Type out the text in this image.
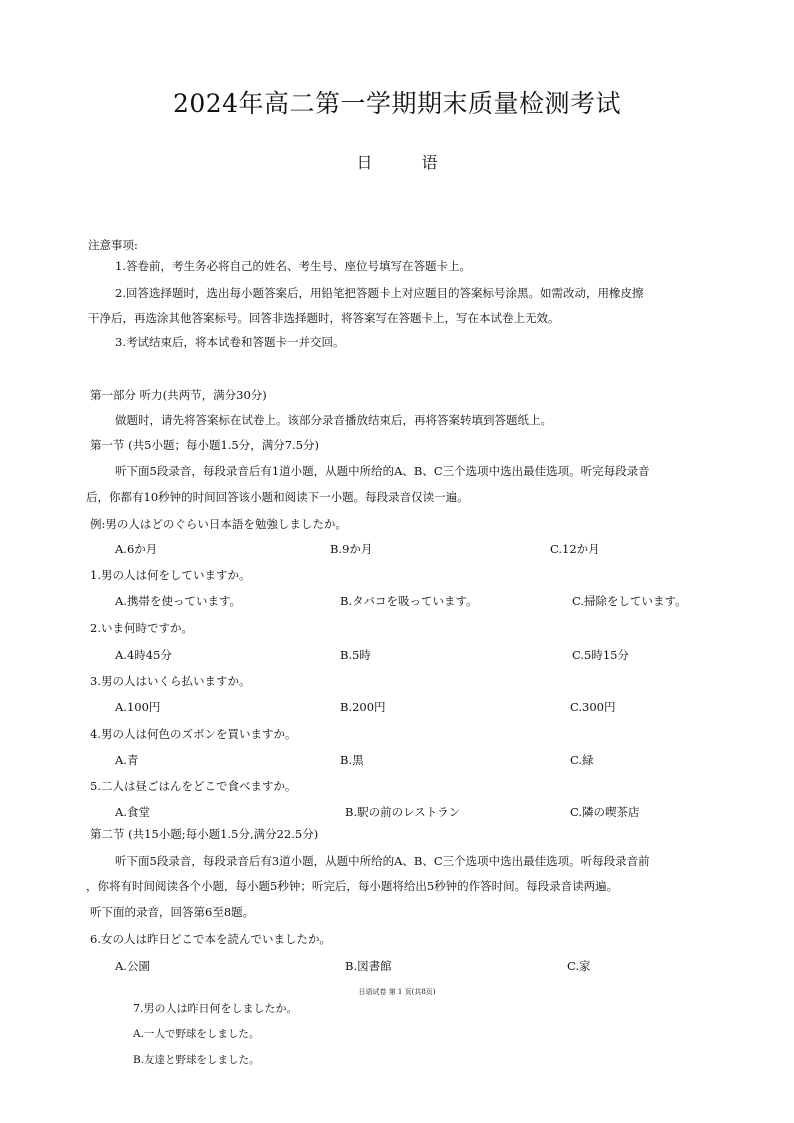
2024年高二第一学期期末质量检测考试
日 语
注意事项:
1.答卷前，考生务必将自己的姓名、考生号、座位号填写在答题卡上。
2.回答选择题时，选出每小题答案后，用铅笔把答题卡上对应题目的答案标号涂黑。如需改动，用橡皮擦
干净后，再选涂其他答案标号。回答非选择题时，将答案写在答题卡上，写在本试卷上无效。
3.考试结束后，将本试卷和答题卡一并交回。
第一部分 听力(共两节，满分30分)
做题时，请先将答案标在试卷上。该部分录音播放结束后，再将答案转填到答题纸上。
第一节 (共5小题；每小题1.5分，满分7.5分)
听下面5段录音，每段录音后有1道小题，从题中所给的A、B、C三个选项中选出最佳选项。听完每段录音
后，你都有10秒钟的时间回答该小题和阅读下一小题。每段录音仅读一遍。
例:男の人はどのぐらい日本語を勉強しましたか。
A.6か月	B.9か月	C.12か月
1.男の人は何をしていますか。
A.携帯を使っています。	B.タバコを吸っています。	C.掃除をしています。
2.いま何時ですか。
A.4時45分	B.5時	C.5時15分
3.男の人はいくら払いますか。
A.100円	B.200円	C.300円
4.男の人は何色のズボンを買いますか。
A.青	B.黒	C.緑
5.二人は昼ごはんをどこで食べますか。
A.食堂	B.駅の前のレストラン	C.隣の喫茶店
第二节 (共15小题;每小题1.5分,满分22.5分)
听下面5段录音，每段录音后有3道小题，从题中所给的A、B、C三个选项中选出最佳选项。听每段录音前
，你将有时间阅读各个小题，每小题5秒钟；听完后，每小题将给出5秒钟的作答时间。每段录音读两遍。
听下面的录音，回答第6至8题。
6.女の人は昨日どこで本を読んでいましたか。
A.公園	B.図書館	C.家
日语试卷 第 1 页(共8页)
7.男の人は昨日何をしましたか。
A.一人で野球をしました。
B.友達と野球をしました。
